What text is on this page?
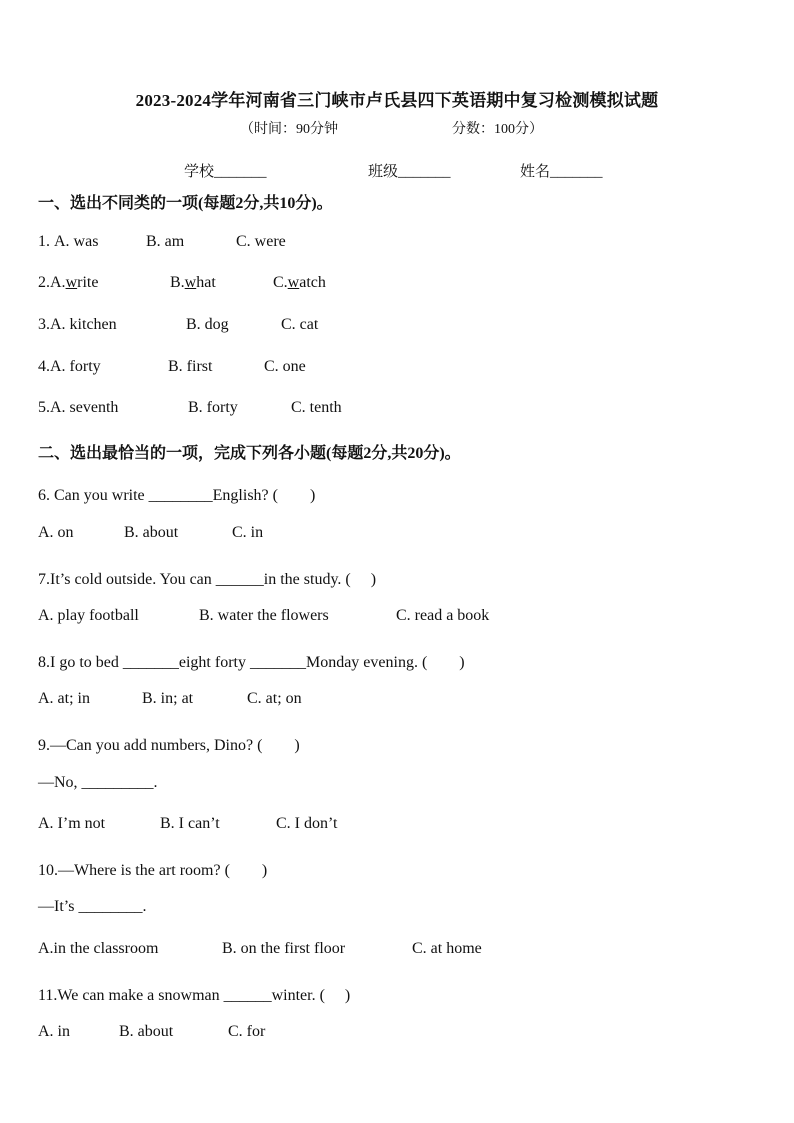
2023-2024学年河南省三门峡市卢氏县四下英语期中复习检测模拟试题
（时间：90分钟	分数：100分）
学校_______	班级_______	姓名_______
一、选出不同类的一项(每题2分,共10分)。
1. A. was	B. am	C. were
2.A.write	B.what	C.watch
3.A. kitchen	B. dog	C. cat
4.A. forty	B. first	C. one
5.A. seventh	B. forty	C. tenth
二、选出最恰当的一项，完成下列各小题(每题2分,共20分)。
6. Can you write ________English? (　　)
A. on	B. about	C. in
7.It’s cold outside. You can ______in the study. (　 )
A. play football	B. water the flowers	C. read a book
8.I go to bed _______eight forty _______Monday evening. (　　)
A. at; in	B. in; at	C. at; on
9.—Can you add numbers, Dino? (　　)
—No, _________.
A. I’m not	B. I can’t	C. I don’t
10.—Where is the art room? (　　)
—It’s ________.
A.in the classroom	B. on the first floor	C. at home
11.We can make a snowman ______winter. (　 )
A. in	B. about	C. for
